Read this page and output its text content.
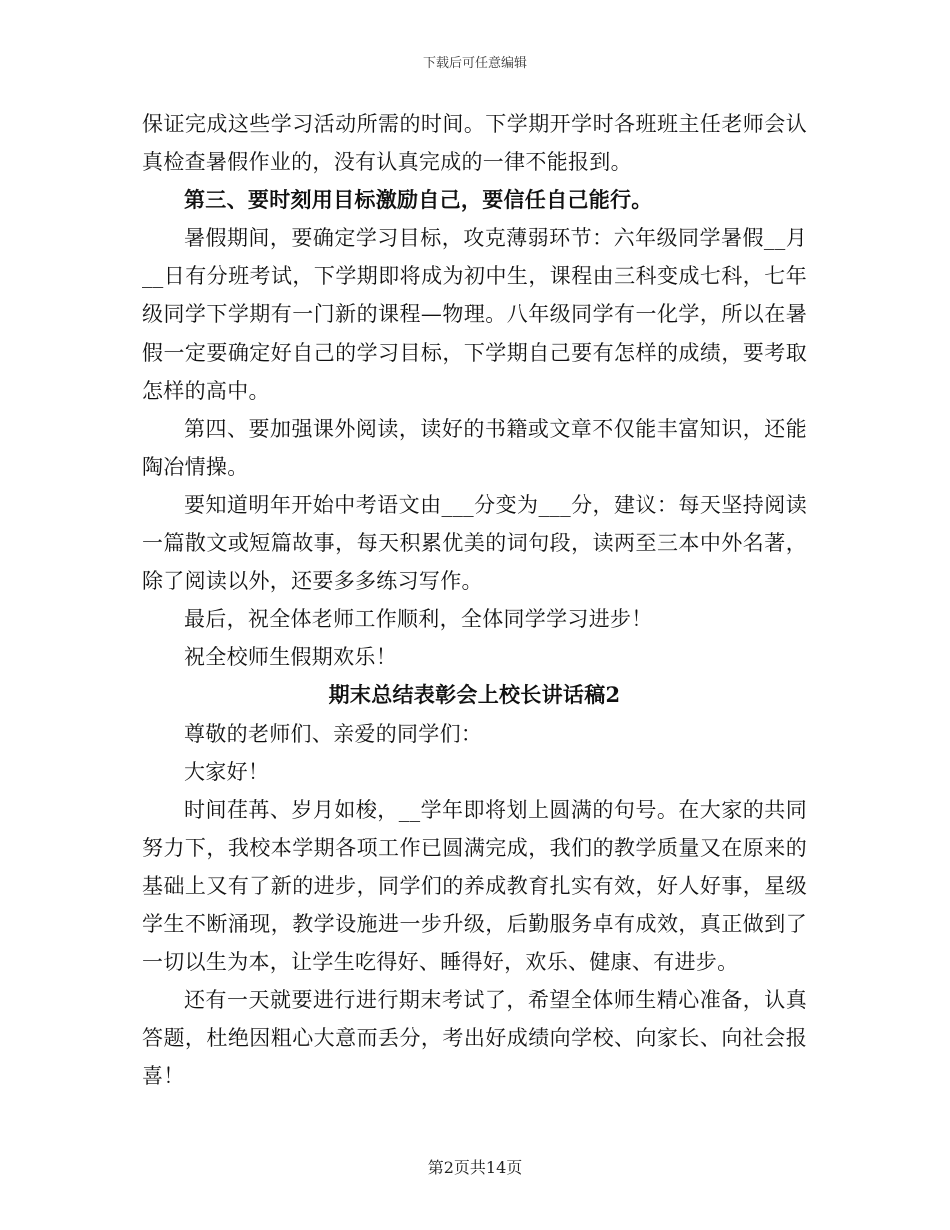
下载后可任意编辑

保证完成这些学习活动所需的时间。下学期开学时各班班主任老师会认真检查暑假作业的，没有认真完成的一律不能报到。

第三、要时刻用目标激励自己，要信任自己能行。

暑假期间，要确定学习目标，攻克薄弱环节：六年级同学暑假__月__日有分班考试，下学期即将成为初中生，课程由三科变成七科，七年级同学下学期有一门新的课程—物理。八年级同学有一化学，所以在暑假一定要确定好自己的学习目标，下学期自己要有怎样的成绩，要考取怎样的高中。

第四、要加强课外阅读，读好的书籍或文章不仅能丰富知识，还能陶冶情操。

要知道明年开始中考语文由___分变为___分，建议：每天坚持阅读一篇散文或短篇故事，每天积累优美的词句段，读两至三本中外名著，除了阅读以外，还要多多练习写作。

最后，祝全体老师工作顺利，全体同学学习进步！

祝全校师生假期欢乐！

期末总结表彰会上校长讲话稿2

尊敬的老师们、亲爱的同学们：

大家好！

时间荏苒、岁月如梭，__学年即将划上圆满的句号。在大家的共同努力下，我校本学期各项工作已圆满完成，我们的教学质量又在原来的基础上又有了新的进步，同学们的养成教育扎实有效，好人好事，星级学生不断涌现，教学设施进一步升级，后勤服务卓有成效，真正做到了一切以生为本，让学生吃得好、睡得好，欢乐、健康、有进步。

还有一天就要进行进行期末考试了，希望全体师生精心准备，认真答题，杜绝因粗心大意而丢分，考出好成绩向学校、向家长、向社会报喜！

第2页共14页
